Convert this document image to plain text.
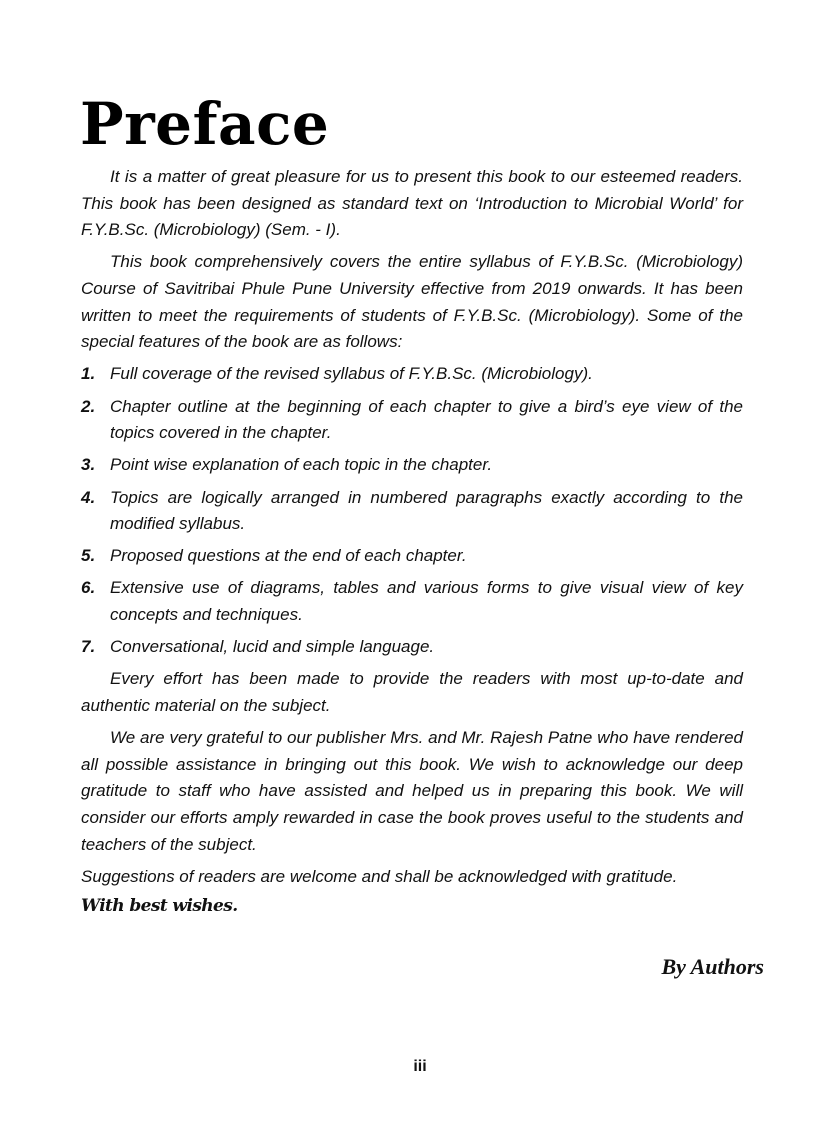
Preface

It is a matter of great pleasure for us to present this book to our esteemed readers. This book has been designed as standard text on ‘Introduction to Microbial World’ for F.Y.B.Sc. (Microbiology) (Sem. - I).

This book comprehensively covers the entire syllabus of F.Y.B.Sc. (Microbiology) Course of Savitribai Phule Pune University effective from 2019 onwards. It has been written to meet the requirements of students of F.Y.B.Sc. (Microbiology). Some of the special features of the book are as follows:

1. Full coverage of the revised syllabus of F.Y.B.Sc. (Microbiology).
2. Chapter outline at the beginning of each chapter to give a bird’s eye view of the topics covered in the chapter.
3. Point wise explanation of each topic in the chapter.
4. Topics are logically arranged in numbered paragraphs exactly according to the modified syllabus.
5. Proposed questions at the end of each chapter.
6. Extensive use of diagrams, tables and various forms to give visual view of key concepts and techniques.
7. Conversational, lucid and simple language.

Every effort has been made to provide the readers with most up-to-date and authentic material on the subject.

We are very grateful to our publisher Mrs. and Mr. Rajesh Patne who have rendered all possible assistance in bringing out this book. We wish to acknowledge our deep gratitude to staff who have assisted and helped us in preparing this book. We will consider our efforts amply rewarded in case the book proves useful to the students and teachers of the subject.

Suggestions of readers are welcome and shall be acknowledged with gratitude.

With best wishes.

By Authors

iii
